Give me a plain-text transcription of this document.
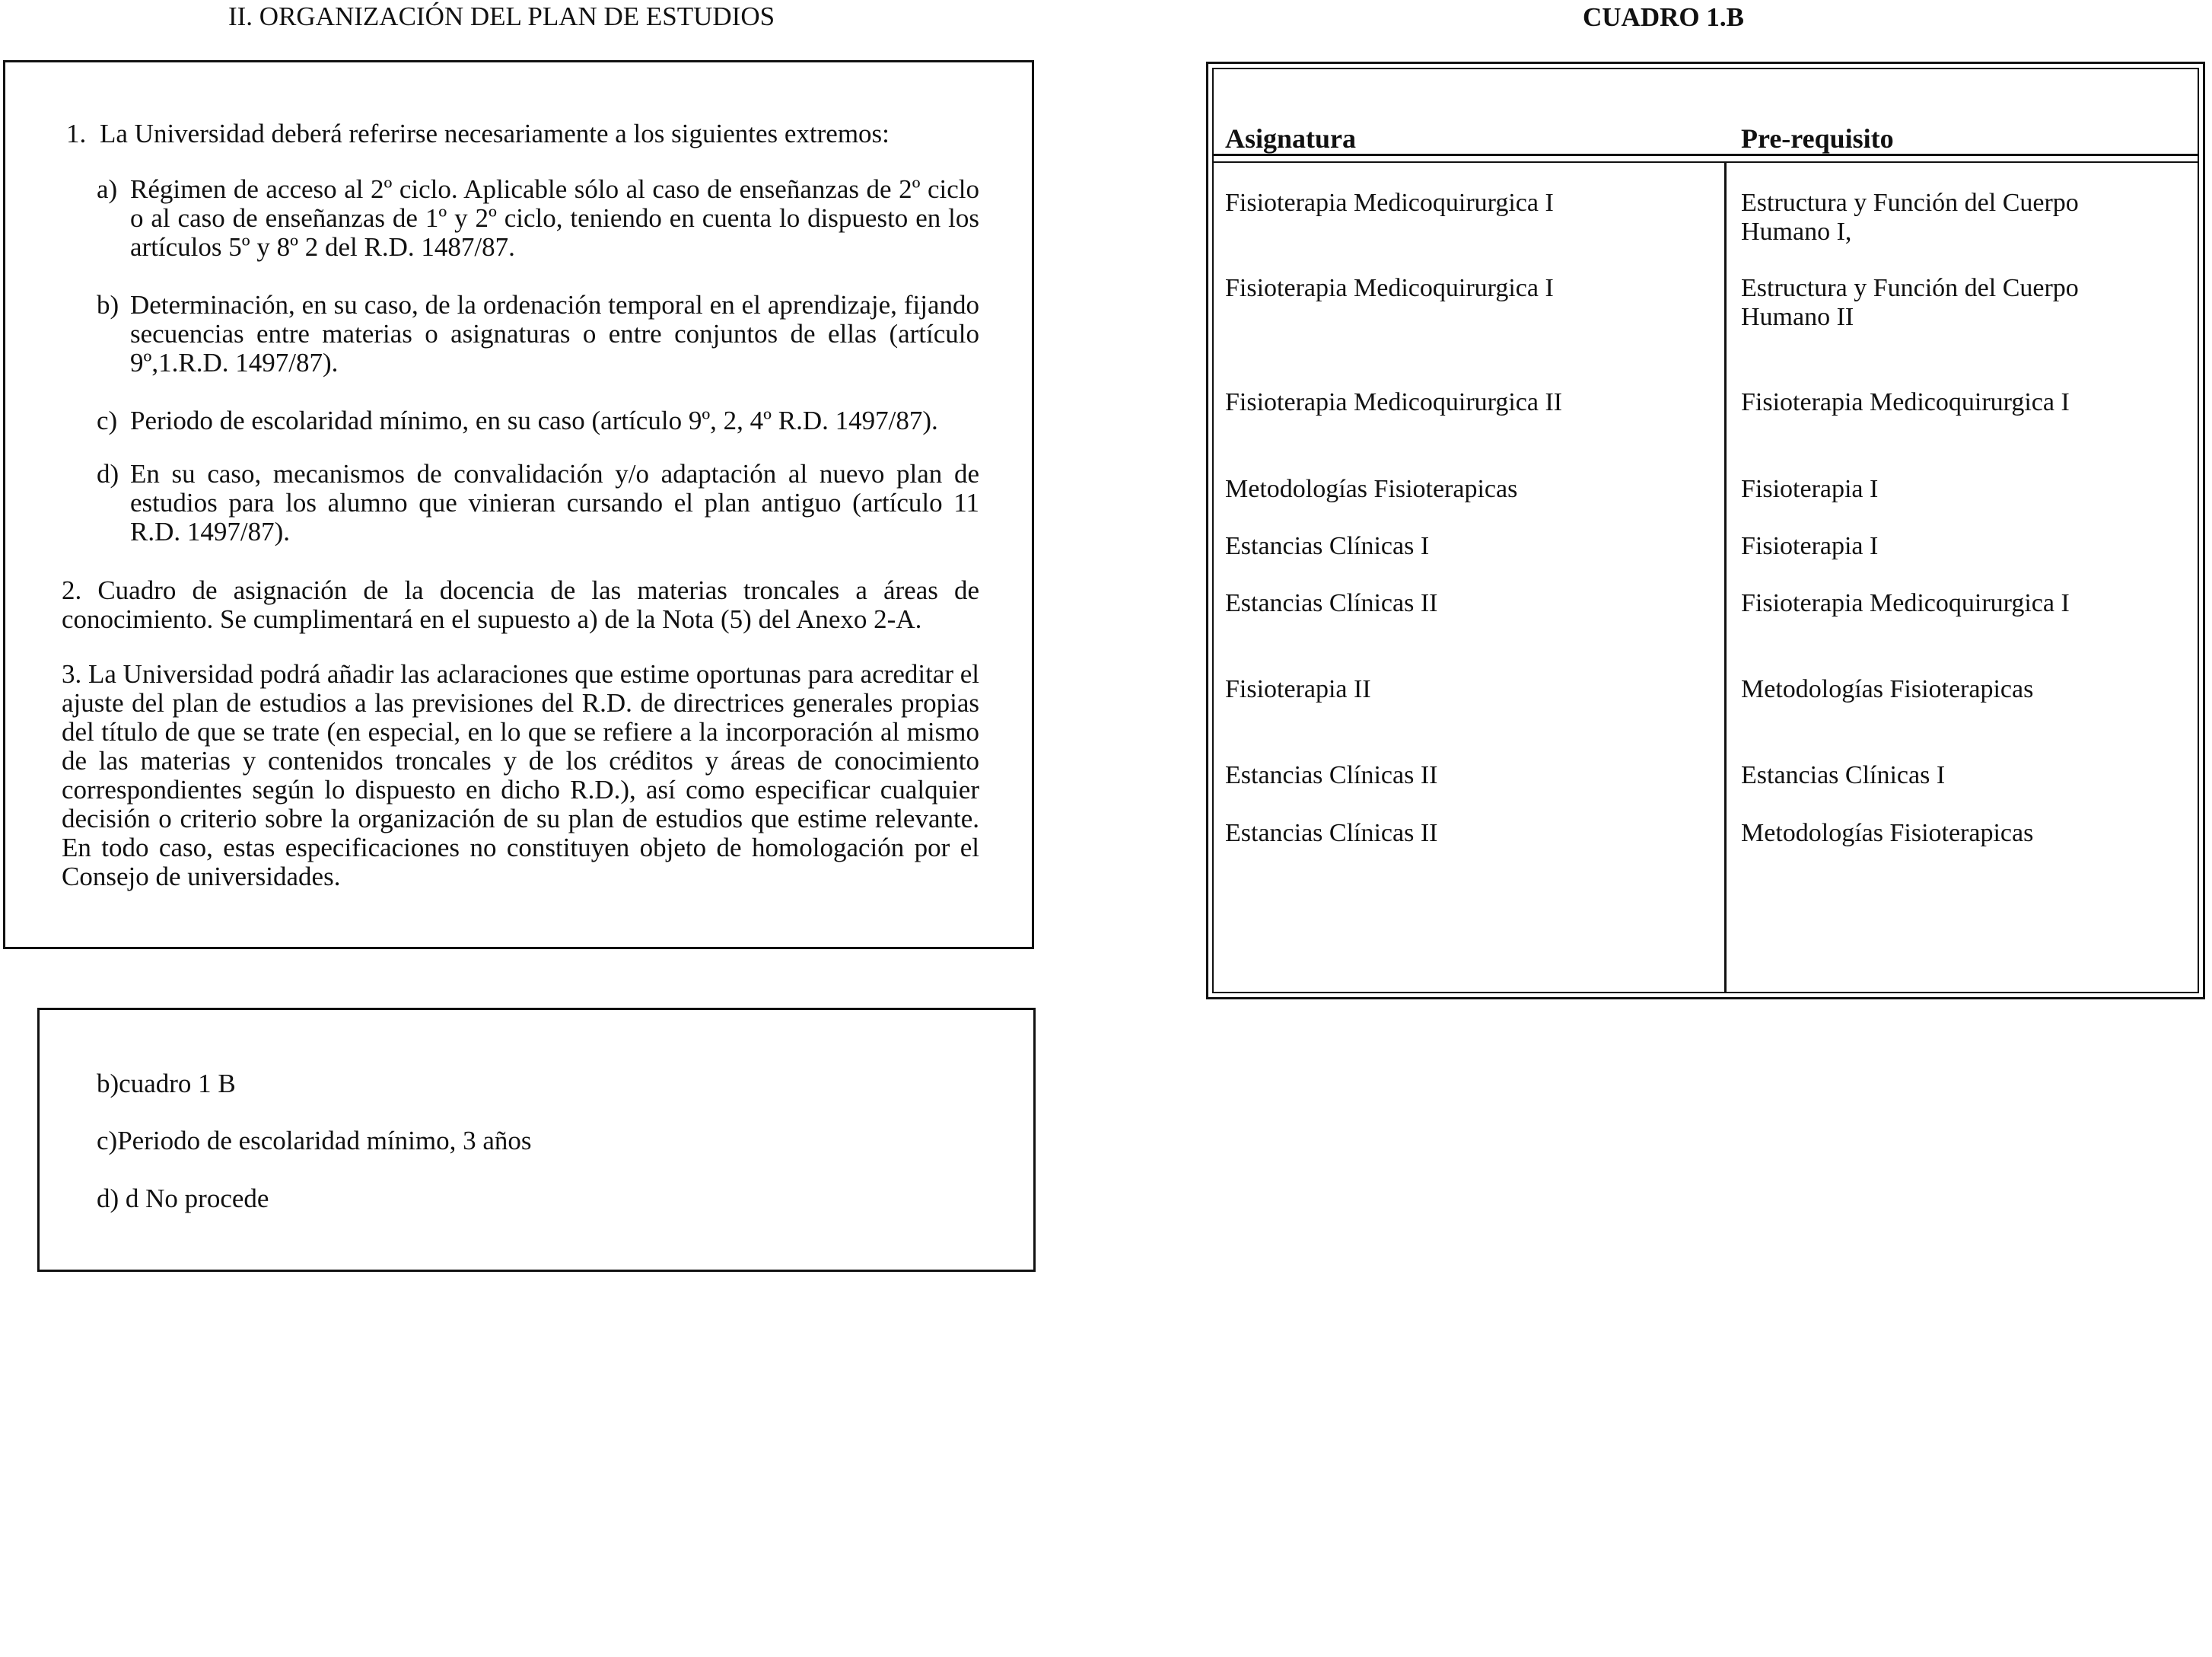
II. ORGANIZACIÓN DEL PLAN DE ESTUDIOS

1. La Universidad deberá referirse necesariamente a los siguientes extremos:

a) Régimen de acceso al 2º ciclo. Aplicable sólo al caso de enseñanzas de 2º ciclo o al caso de enseñanzas de 1º y 2º ciclo, teniendo en cuenta lo dispuesto en los artículos 5º y 8º 2 del R.D. 1487/87.

b) Determinación, en su caso, de la ordenación temporal en el aprendizaje, fijando secuencias entre materias o asignaturas o entre conjuntos de ellas (artículo 9º,1.R.D. 1497/87).

c) Periodo de escolaridad mínimo, en su caso (artículo 9º, 2, 4º R.D. 1497/87).

d) En su caso, mecanismos de convalidación y/o adaptación al nuevo plan de estudios para los alumno que vinieran cursando el plan antiguo (artículo 11 R.D. 1497/87).

2. Cuadro de asignación de la docencia de las materias troncales a áreas de conocimiento. Se cumplimentará en el supuesto a) de la Nota (5) del Anexo 2-A.

3. La Universidad podrá añadir las aclaraciones que estime oportunas para acreditar el ajuste del plan de estudios a las previsiones del R.D. de directrices generales propias del título de que se trate (en especial, en lo que se refiere a la incorporación al mismo de las materias y contenidos troncales y de los créditos y áreas de conocimiento correspondientes según lo dispuesto en dicho R.D.), así como especificar cualquier decisión o criterio sobre la organización de su plan de estudios que estime relevante. En todo caso, estas especificaciones no constituyen objeto de homologación por el Consejo de universidades.

b)cuadro 1 B
c)Periodo de escolaridad mínimo, 3 años
d) d No procede
CUADRO 1.B
Asignatura	Pre-requisito
Fisioterapia Medicoquirurgica I	Estructura y Función del Cuerpo Humano I,
Fisioterapia Medicoquirurgica I	Estructura y Función del Cuerpo Humano II
Fisioterapia Medicoquirurgica II	Fisioterapia Medicoquirurgica I
Metodologías Fisioterapicas	Fisioterapia I
Estancias Clínicas I	Fisioterapia I
Estancias Clínicas II	Fisioterapia Medicoquirurgica I
Fisioterapia II	Metodologías Fisioterapicas
Estancias Clínicas II	Estancias Clínicas I
Estancias Clínicas II	Metodologías Fisioterapicas
